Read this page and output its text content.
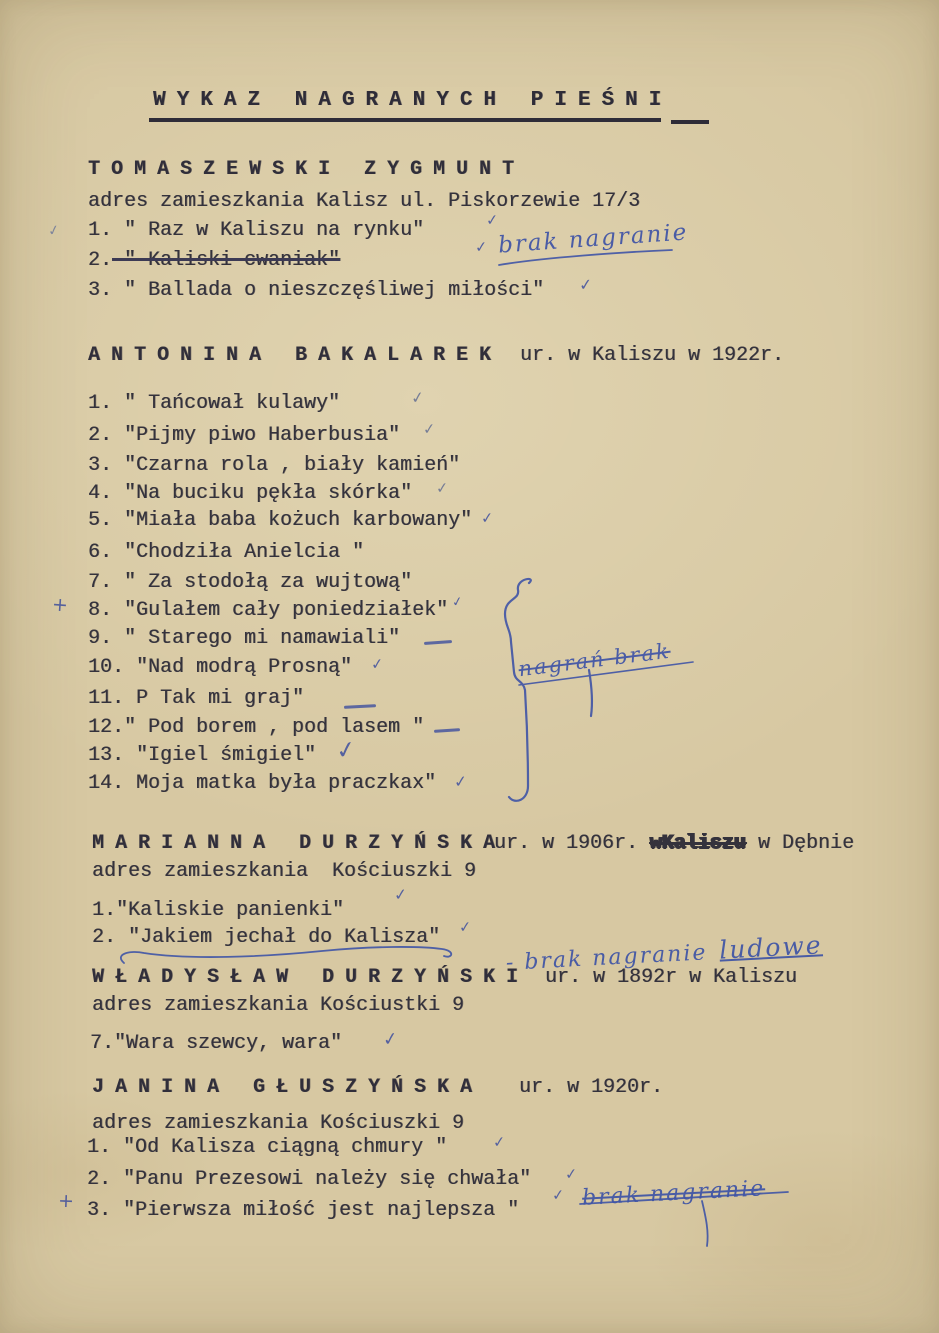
WYKAZ NAGRANYCH PIEŚNI
TOMASZEWSKI ZYGMUNT
adres zamieszkania Kalisz ul. Piskorzewie 17/3
1. " Raz w Kaliszu na rynku"
2. " Kaliski cwaniak"
3. " Ballada o nieszczęśliwej miłości"
ANTONINA BAKALAREK ur. w Kaliszu w 1922r.
1. " Tańcował kulawy"
2. "Pijmy piwo Haberbusia"
3. "Czarna rola , biały kamień"
4. "Na buciku pękła skórka"
5. "Miała baba kożuch karbowany"
6. "Chodziła Anielcia "
7. " Za stodołą za wujtową"
8. "Gulałem cały poniedziałek"
9. " Starego mi namawiali"
10. "Nad modrą Prosną"
11. P Tak mi graj"
12." Pod borem , pod lasem "
13. "Igiel śmigiel"
14. Moja matka była praczkax"
MARIANNA DURZYŃSKA
ur. w 1906r. wKaliszu w Dębnie
adres zamieszkania  Kościuszki 9
1."Kaliskie panienki"
2. "Jakiem jechał do Kalisza"
WŁADYSŁAW DURZYŃSKI ur. w 1892r w Kaliszu
adres zamieszkania Kościustki 9
7."Wara szewcy, wara"
JANINA GŁUSZYŃSKA ur. w 1920r.
adres zamieszkania Kościuszki 9
1. "Od Kalisza ciągną chmury "
2. "Panu Prezesowi należy się chwała"
3. "Pierwsza miłość jest najlepsza "
✓
✓
✓
✓
✓
✓
✓
✓
+	✓
✓
✓
✓
✓
✓
✓
✓
✓
+	✓
brak nagranie
nagrań brak

- brak nagranie ludowe

brak nagranie
